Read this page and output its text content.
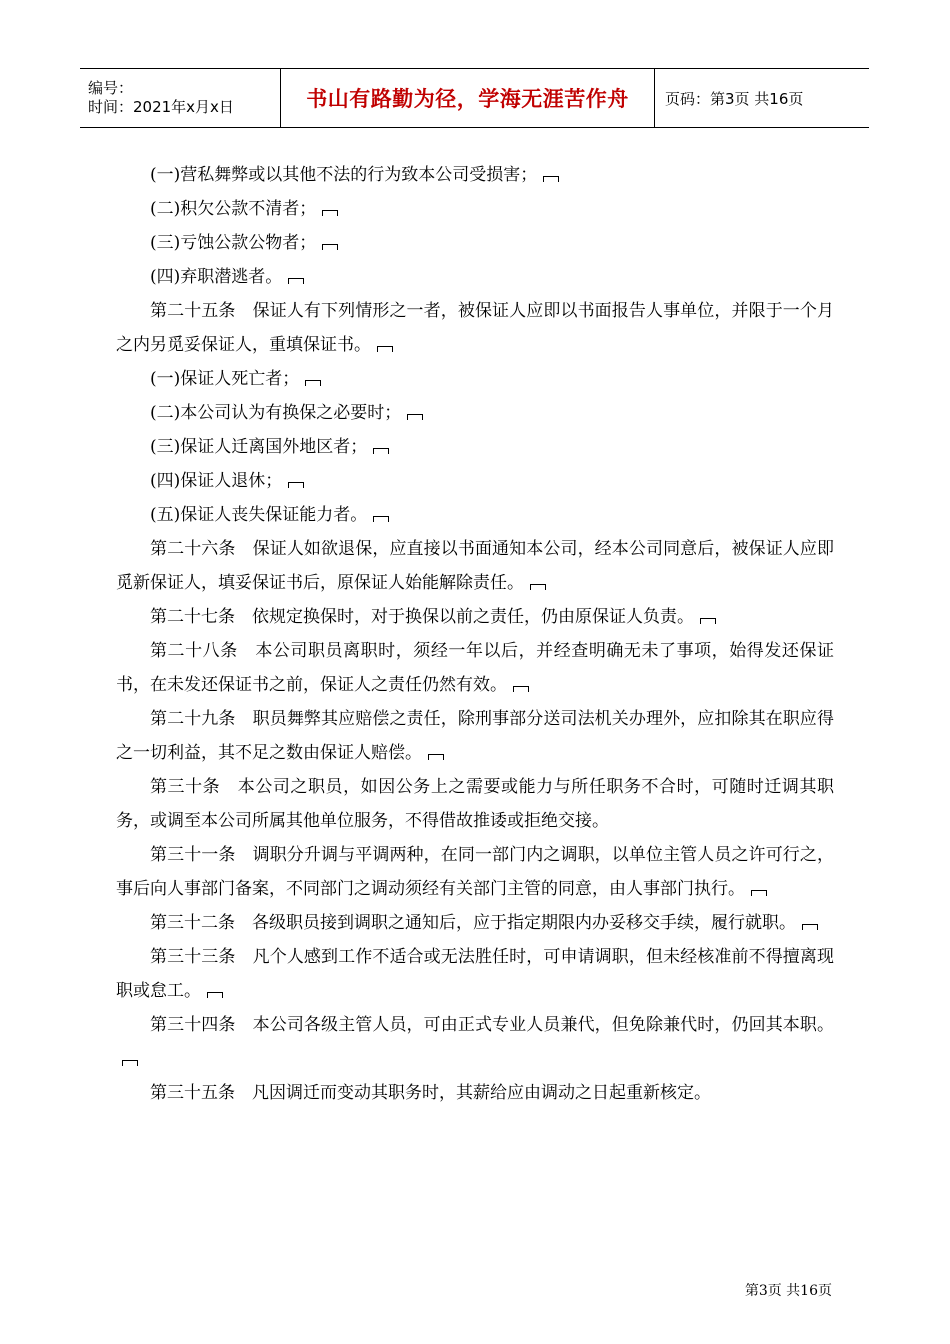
编号：
时间：2021年x月x日	书山有路勤为径，学海无涯苦作舟	页码：第3页 共16页

(一)营私舞弊或以其他不法的行为致本公司受损害；

(二)积欠公款不清者；

(三)亏蚀公款公物者；

(四)弃职潜逃者。

第二十五条 保证人有下列情形之一者，被保证人应即以书面报告人事单位，并限于一个月之内另觅妥保证人，重填保证书。

(一)保证人死亡者；

(二)本公司认为有换保之必要时；

(三)保证人迁离国外地区者；

(四)保证人退休；

(五)保证人丧失保证能力者。

第二十六条 保证人如欲退保，应直接以书面通知本公司，经本公司同意后，被保证人应即觅新保证人，填妥保证书后，原保证人始能解除责任。

第二十七条 依规定换保时，对于换保以前之责任，仍由原保证人负责。

第二十八条 本公司职员离职时，须经一年以后，并经查明确无未了事项，始得发还保证书，在未发还保证书之前，保证人之责任仍然有效。

第二十九条 职员舞弊其应赔偿之责任，除刑事部分送司法机关办理外，应扣除其在职应得之一切利益，其不足之数由保证人赔偿。

第三十条 本公司之职员，如因公务上之需要或能力与所任职务不合时，可随时迁调其职务，或调至本公司所属其他单位服务，不得借故推诿或拒绝交接。

第三十一条 调职分升调与平调两种，在同一部门内之调职，以单位主管人员之许可行之，事后向人事部门备案，不同部门之调动须经有关部门主管的同意，由人事部门执行。

第三十二条 各级职员接到调职之通知后，应于指定期限内办妥移交手续，履行就职。

第三十三条 凡个人感到工作不适合或无法胜任时，可申请调职，但未经核准前不得擅离现职或怠工。

第三十四条 本公司各级主管人员，可由正式专业人员兼代，但免除兼代时，仍回其本职。

第三十五条 凡因调迁而变动其职务时，其薪给应由调动之日起重新核定。

第3页 共16页
